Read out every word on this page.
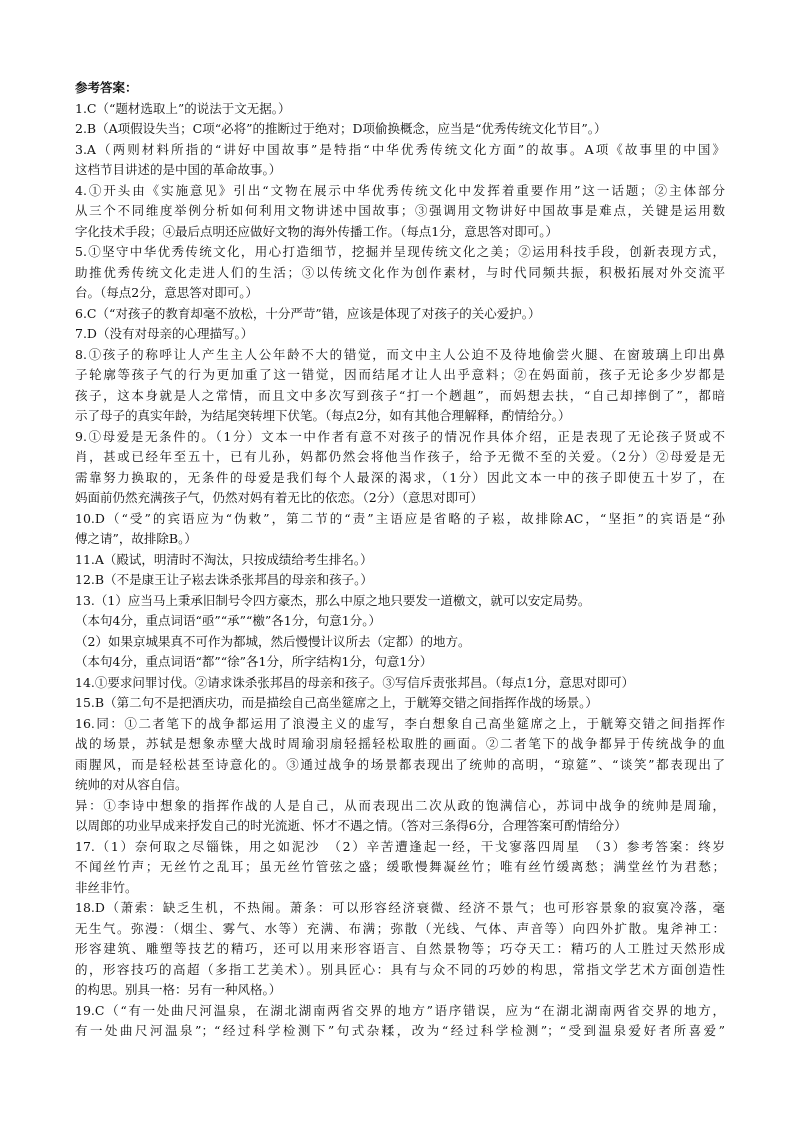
参考答案：
1.C（“题材选取上”的说法于文无据。）
2.B（A项假设失当；C项“必将”的推断过于绝对；D项偷换概念，应当是“优秀传统文化节目”。）
3.A（两则材料所指的“讲好中国故事”是特指“中华优秀传统文化方面”的故事。A项《故事里的中国》
这档节目讲述的是中国的革命故事。）
4.①开头由《实施意见》引出“文物在展示中华优秀传统文化中发挥着重要作用”这一话题；②主体部分
从三个不同维度举例分析如何利用文物讲述中国故事；③强调用文物讲好中国故事是难点，关键是运用数
字化技术手段；④最后点明还应做好文物的海外传播工作。（每点1分，意思答对即可。）
5.①坚守中华优秀传统文化，用心打造细节，挖掘并呈现传统文化之美；②运用科技手段，创新表现方式，
助推优秀传统文化走进人们的生活；③以传统文化作为创作素材，与时代同频共振，积极拓展对外交流平
台。（每点2分，意思答对即可。）
6.C（“对孩子的教育却毫不放松，十分严苛”错，应该是体现了对孩子的关心爱护。）
7.D（没有对母亲的心理描写。）
8.①孩子的称呼让人产生主人公年龄不大的错觉，而文中主人公迫不及待地偷尝火腿、在窗玻璃上印出鼻
子轮廓等孩子气的行为更加重了这一错觉，因而结尾才让人出乎意料；②在妈面前，孩子无论多少岁都是
孩子，这本身就是人之常情，而且文中多次写到孩子“打一个趔趄”，而妈想去扶，“自己却摔倒了”，都暗
示了母子的真实年龄，为结尾突转埋下伏笔。（每点2分，如有其他合理解释，酌情给分。）
9.①母爱是无条件的。（1分）文本一中作者有意不对孩子的情况作具体介绍，正是表现了无论孩子贤或不
肖，甚或已经年至五十，已有儿孙，妈都仍然会将他当作孩子，给予无微不至的关爱。（2分）②母爱是无
需靠努力换取的，无条件的母爱是我们每个人最深的渴求，（1分）因此文本一中的孩子即使五十岁了，在
妈面前仍然充满孩子气，仍然对妈有着无比的依恋。（2分）（意思对即可）
10.D（“受”的宾语应为“伪敕”，第二节的“责”主语应是省略的子崧，故排除AC，“坚拒”的宾语是“孙
傅之请”，故排除B。）
11.A（殿试，明清时不淘汰，只按成绩给考生排名。）
12.B（不是康王让子崧去诛杀张邦昌的母亲和孩子。）
13.（1）应当马上秉承旧制号令四方豪杰，那么中原之地只要发一道檄文，就可以安定局势。
（本句4分，重点词语“亟”“承”“檄”各1分，句意1分。）
（2）如果京城果真不可作为都城，然后慢慢计议所去（定都）的地方。
（本句4分，重点词语“都”“徐”各1分，所字结构1分，句意1分）
14.①要求问罪讨伐。②请求诛杀张邦昌的母亲和孩子。③写信斥责张邦昌。（每点1分，意思对即可）
15.B（第二句不是把酒庆功，而是描绘自己高坐筵席之上，于觥筹交错之间指挥作战的场景。）
16.同：①二者笔下的战争都运用了浪漫主义的虚写，李白想象自己高坐筵席之上，于觥筹交错之间指挥作
战的场景，苏轼是想象赤壁大战时周瑜羽扇轻摇轻松取胜的画面。②二者笔下的战争都异于传统战争的血
雨腥风，而是轻松甚至诗意化的。③通过战争的场景都表现出了统帅的高明，“琼筵”、“谈笑”都表现出了
统帅的对从容自信。
异：①李诗中想象的指挥作战的人是自己，从而表现出二次从政的饱满信心，苏词中战争的统帅是周瑜，
以周郎的功业早成来抒发自己的时光流逝、怀才不遇之情。（答对三条得6分，合理答案可酌情给分）
17.（1）奈何取之尽锱铢，用之如泥沙　（2）辛苦遭逢起一经，干戈寥落四周星　（3）参考答案：终岁
不闻丝竹声；无丝竹之乱耳；虽无丝竹管弦之盛；缓歌慢舞凝丝竹；唯有丝竹缓离愁；满堂丝竹为君愁；
非丝非竹。
18.D（萧索：缺乏生机，不热闹。萧条：可以形容经济衰微、经济不景气；也可形容景象的寂寞冷落，毫
无生气。弥漫：（烟尘、雾气、水等）充满、布满；弥散（光线、气体、声音等）向四外扩散。鬼斧神工：
形容建筑、雕塑等技艺的精巧，还可以用来形容语言、自然景物等；巧夺天工：精巧的人工胜过天然形成
的，形容技巧的高超（多指工艺美术）。别具匠心：具有与众不同的巧妙的构思，常指文学艺术方面创造性
的构思。别具一格：另有一种风格。）
19.C（“有一处曲尺河温泉，在湖北湖南两省交界的地方”语序错误，应为“在湖北湖南两省交界的地方，
有一处曲尺河温泉”；“经过科学检测下”句式杂糅，改为“经过科学检测”；“受到温泉爱好者所喜爱”
